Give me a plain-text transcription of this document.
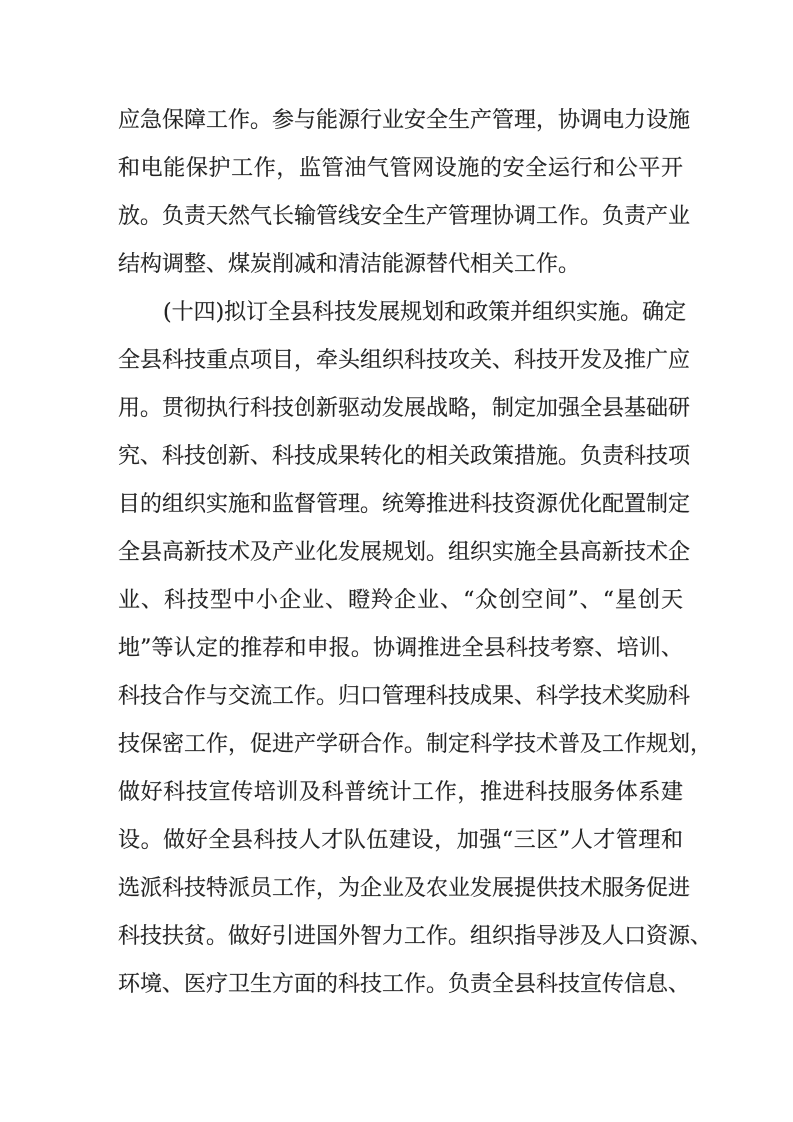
应急保障工作。参与能源行业安全生产管理，协调电力设施
和电能保护工作，监管油气管网设施的安全运行和公平开
放。负责天然气长输管线安全生产管理协调工作。负责产业
结构调整、煤炭削减和清洁能源替代相关工作。
(十四)拟订全县科技发展规划和政策并组织实施。确定
全县科技重点项目，牵头组织科技攻关、科技开发及推广应
用。贯彻执行科技创新驱动发展战略，制定加强全县基础研
究、科技创新、科技成果转化的相关政策措施。负责科技项
目的组织实施和监督管理。统筹推进科技资源优化配置制定
全县高新技术及产业化发展规划。组织实施全县高新技术企
业、科技型中小企业、瞪羚企业、“众创空间”、“星创天
地”等认定的推荐和申报。协调推进全县科技考察、培训、
科技合作与交流工作。归口管理科技成果、科学技术奖励科
技保密工作，促进产学研合作。制定科学技术普及工作规划，
做好科技宣传培训及科普统计工作，推进科技服务体系建
设。做好全县科技人才队伍建设，加强“三区”人才管理和
选派科技特派员工作，为企业及农业发展提供技术服务促进
科技扶贫。做好引进国外智力工作。组织指导涉及人口资源、
环境、医疗卫生方面的科技工作。负责全县科技宣传信息、
